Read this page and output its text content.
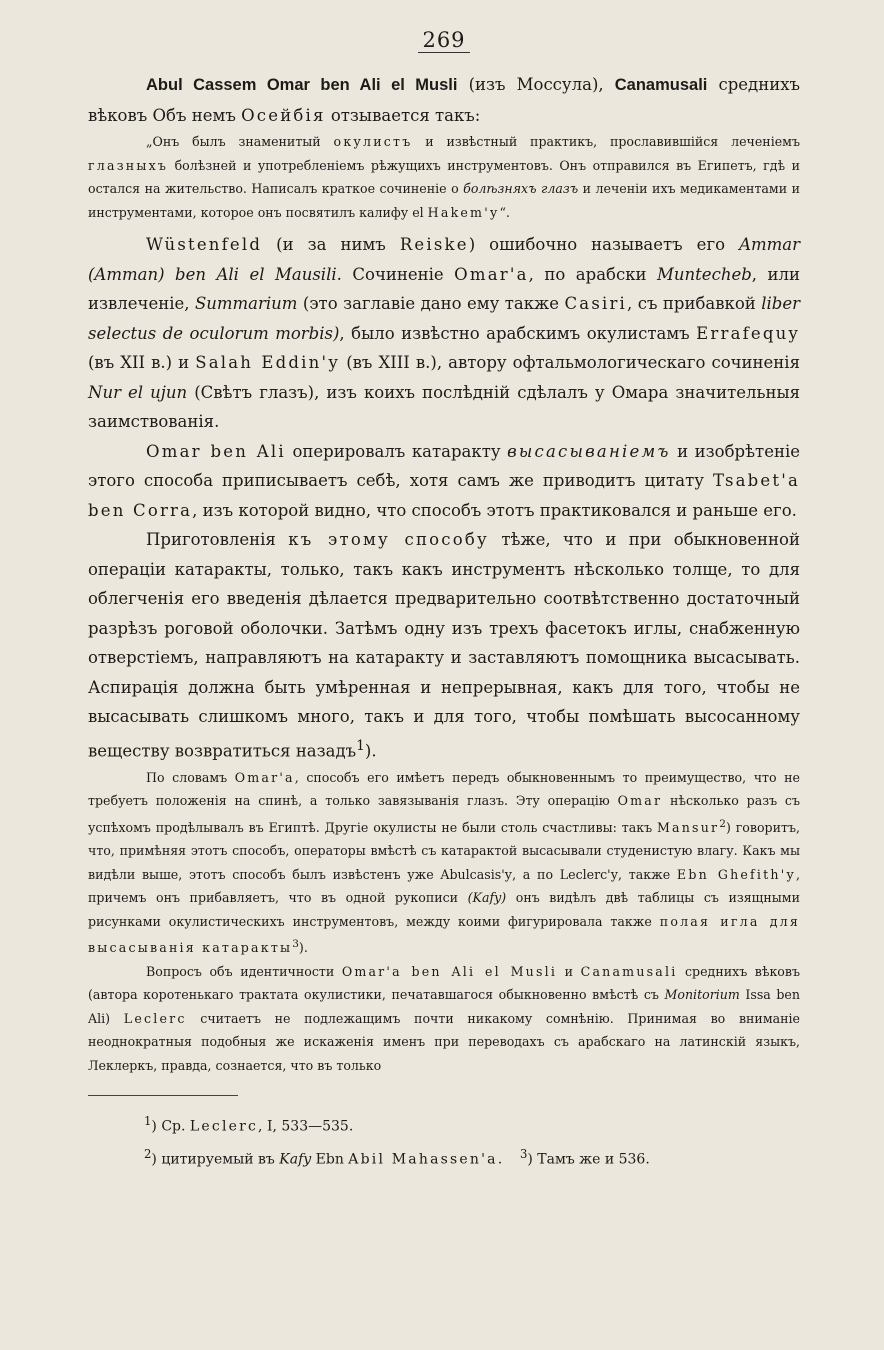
269

Abul Cassem Omar ben Ali el Musli (изъ Моссула), Canamusali среднихъ вѣковъ Объ немъ Осейбія отзывается такъ:

„Онъ былъ знаменитый окулистъ и извѣстный практикъ, прославившійся леченіемъ глазныхъ болѣзней и употребленіемъ рѣжущихъ инструментовъ. Онъ отправился въ Египетъ, гдѣ и остался на жительство. Написалъ краткое сочиненіе о болѣзняхъ глазъ и леченіи ихъ медикаментами и инструментами, которое онъ посвятилъ калифу el Hakem'у“.

Wüstenfeld (и за нимъ Reiske) ошибочно называетъ его Ammar (Amman) ben Ali el Mausili. Сочиненіе Omar'a, по арабски Muntecheb, или извлеченіе, Summarium (это заглавіе дано ему также Casiri, съ прибавкой liber selectus de oculorum morbis), было извѣстно арабскимъ окулистамъ Errafequy (въ XII в.) и Salah Eddin'у (въ XIII в.), автору офтальмологическаго сочиненія Nur el ujun (Свѣтъ глазъ), изъ коихъ послѣдній сдѣлалъ у Омара значительныя заимствованія.

Omar ben Ali оперировалъ катаракту высасываніемъ и изобрѣтеніе этого способа приписываетъ себѣ, хотя самъ же приводитъ цитату Tsabet'a ben Corra, изъ которой видно, что способъ этотъ практиковался и раньше его.

Приготовленія къ этому способу тѣже, что и при обыкновенной операціи катаракты, только, такъ какъ инструментъ нѣсколько толще, то для облегченія его введенія дѣлается предварительно соотвѣтственно достаточный разрѣзъ роговой оболочки. Затѣмъ одну изъ трехъ фасетокъ иглы, снабженную отверстіемъ, направляютъ на катаракту и заставляютъ помощника высасывать. Аспирація должна быть умѣренная и непрерывная, какъ для того, чтобы не высасывать слишкомъ много, такъ и для того, чтобы помѣшать высосанному веществу возвратиться назадъ$^1$).

По словамъ Omar'a, способъ его имѣетъ передъ обыкновеннымъ то преимущество, что не требуетъ положенія на спинѣ, а только завязыванія глазъ. Эту операцію Omar нѣсколько разъ съ успѣхомъ продѣлывалъ въ Египтѣ. Другіе окулисты не были столь счастливы: такъ Mansur$^2$) говоритъ, что, примѣняя этотъ способъ, операторы вмѣстѣ съ катарактой высасывали студенистую влагу. Какъ мы видѣли выше, этотъ способъ былъ извѣстенъ уже Abulcasis'у, а по Leclerc'у, также Ebn Ghefith'у, причемъ онъ прибавляетъ, что въ одной рукописи (Kafy) онъ видѣлъ двѣ таблицы съ изящными рисунками окулистическихъ инструментовъ, между коими фигурировала также полая игла для высасыванія катаракты$^3$).

Вопросъ объ идентичности Omar'a ben Ali el Musli и Canamusali среднихъ вѣковъ (автора коротенькаго трактата окулистики, печатавшагося обыкновенно вмѣстѣ съ Monitorium Issa ben Ali) Leclerc считаетъ не подлежащимъ почти никакому сомнѣнію. Принимая во вниманіе неоднократныя подобныя же искаженія именъ при переводахъ съ арабскаго на латинскій языкъ, Леклеркъ, правда, сознается, что въ только

$^1$) Ср. Leclerc, I, 533—535.

$^2$) цитируемый въ Kafy Ebn Abil Mahassen'a. $^3$) Тамъ же и 536.
